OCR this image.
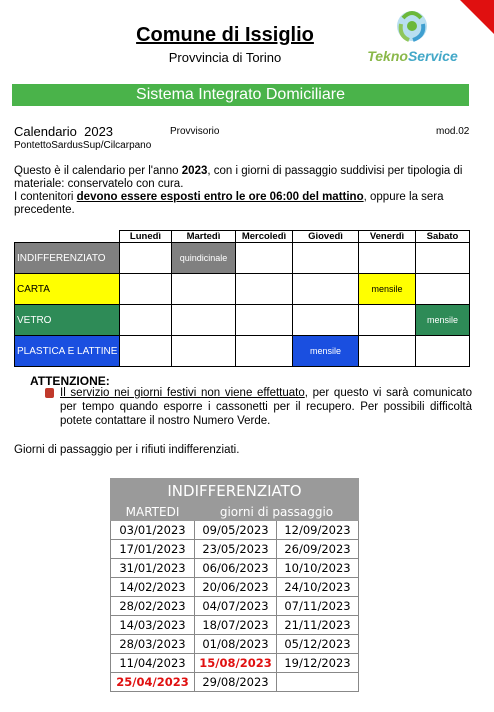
Comune di Issiglio
Provvincia di Torino	TeknoService
Sistema Integrato Domiciliare
Calendario 2023	Provvisorio	mod.02
PontettoSardusSup/Cilcarpano
Questo è il calendario per l'anno 2023, con i giorni di passaggio suddivisi per tipologia di materiale: conservatelo con cura.
I contenitori devono essere esposti entro le ore 06:00 del mattino, oppure la sera precedente.
	Lunedì	Martedì	Mercoledì	Giovedì	Venerdì	Sabato
INDIFFERENZIATO		quindicinale				
CARTA					mensile	
VETRO						mensile
PLASTICA E LATTINE				mensile		
ATTENZIONE:
Il servizio nei giorni festivi non viene effettuato, per questo vi sarà comunicato per tempo quando esporre i cassonetti per il recupero. Per possibili difficoltà potete contattare il nostro Numero Verde.
Giorni di passaggio per i rifiuti indifferenziati.
INDIFFERENZIATO		
MARTEDI	giorni di passaggio	
03/01/2023	09/05/2023	12/09/2023
17/01/2023	23/05/2023	26/09/2023
31/01/2023	06/06/2023	10/10/2023
14/02/2023	20/06/2023	24/10/2023
28/02/2023	04/07/2023	07/11/2023
14/03/2023	18/07/2023	21/11/2023
28/03/2023	01/08/2023	05/12/2023
11/04/2023	15/08/2023	19/12/2023
25/04/2023	29/08/2023	
